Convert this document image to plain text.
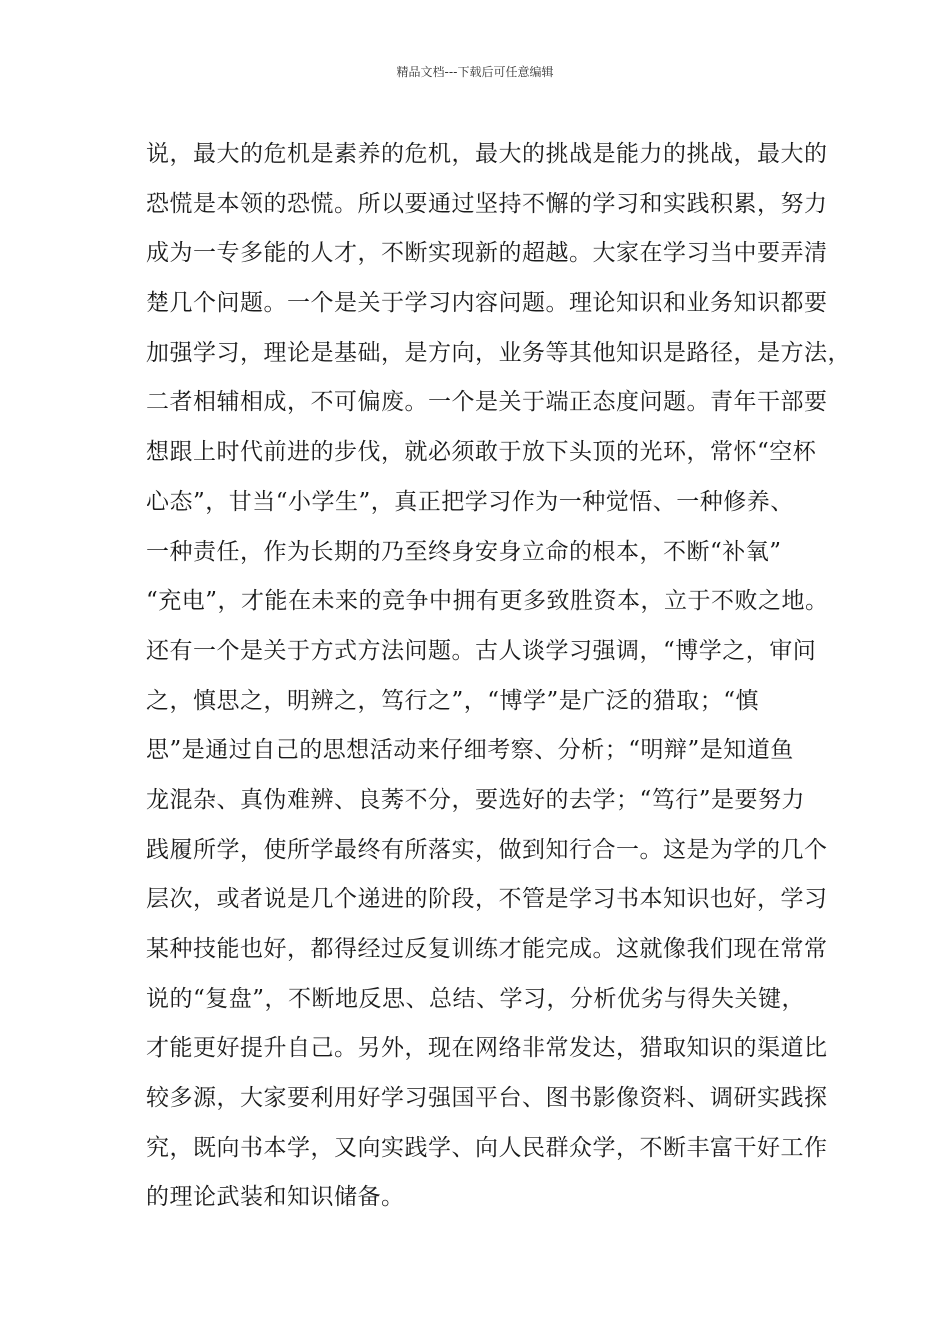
精品文档---下载后可任意编辑
说，最大的危机是素养的危机，最大的挑战是能力的挑战，最大的
恐慌是本领的恐慌。所以要通过坚持不懈的学习和实践积累，努力
成为一专多能的人才，不断实现新的超越。大家在学习当中要弄清
楚几个问题。一个是关于学习内容问题。理论知识和业务知识都要
加强学习，理论是基础，是方向，业务等其他知识是路径，是方法，
二者相辅相成，不可偏废。一个是关于端正态度问题。青年干部要
想跟上时代前进的步伐，就必须敢于放下头顶的光环，常怀“空杯
心态”，甘当“小学生”，真正把学习作为一种觉悟、一种修养、
一种责任，作为长期的乃至终身安身立命的根本，不断“补氧”
“充电”，才能在未来的竞争中拥有更多致胜资本，立于不败之地。
还有一个是关于方式方法问题。古人谈学习强调，“博学之，审问
之，慎思之，明辨之，笃行之”，“博学”是广泛的猎取；“慎
思”是通过自己的思想活动来仔细考察、分析；“明辩”是知道鱼
龙混杂、真伪难辨、良莠不分，要选好的去学；“笃行”是要努力
践履所学，使所学最终有所落实，做到知行合一。这是为学的几个
层次，或者说是几个递进的阶段，不管是学习书本知识也好，学习
某种技能也好，都得经过反复训练才能完成。这就像我们现在常常
说的“复盘”，不断地反思、总结、学习，分析优劣与得失关键，
才能更好提升自己。另外，现在网络非常发达，猎取知识的渠道比
较多源，大家要利用好学习强国平台、图书影像资料、调研实践探
究，既向书本学，又向实践学、向人民群众学，不断丰富干好工作
的理论武装和知识储备。
